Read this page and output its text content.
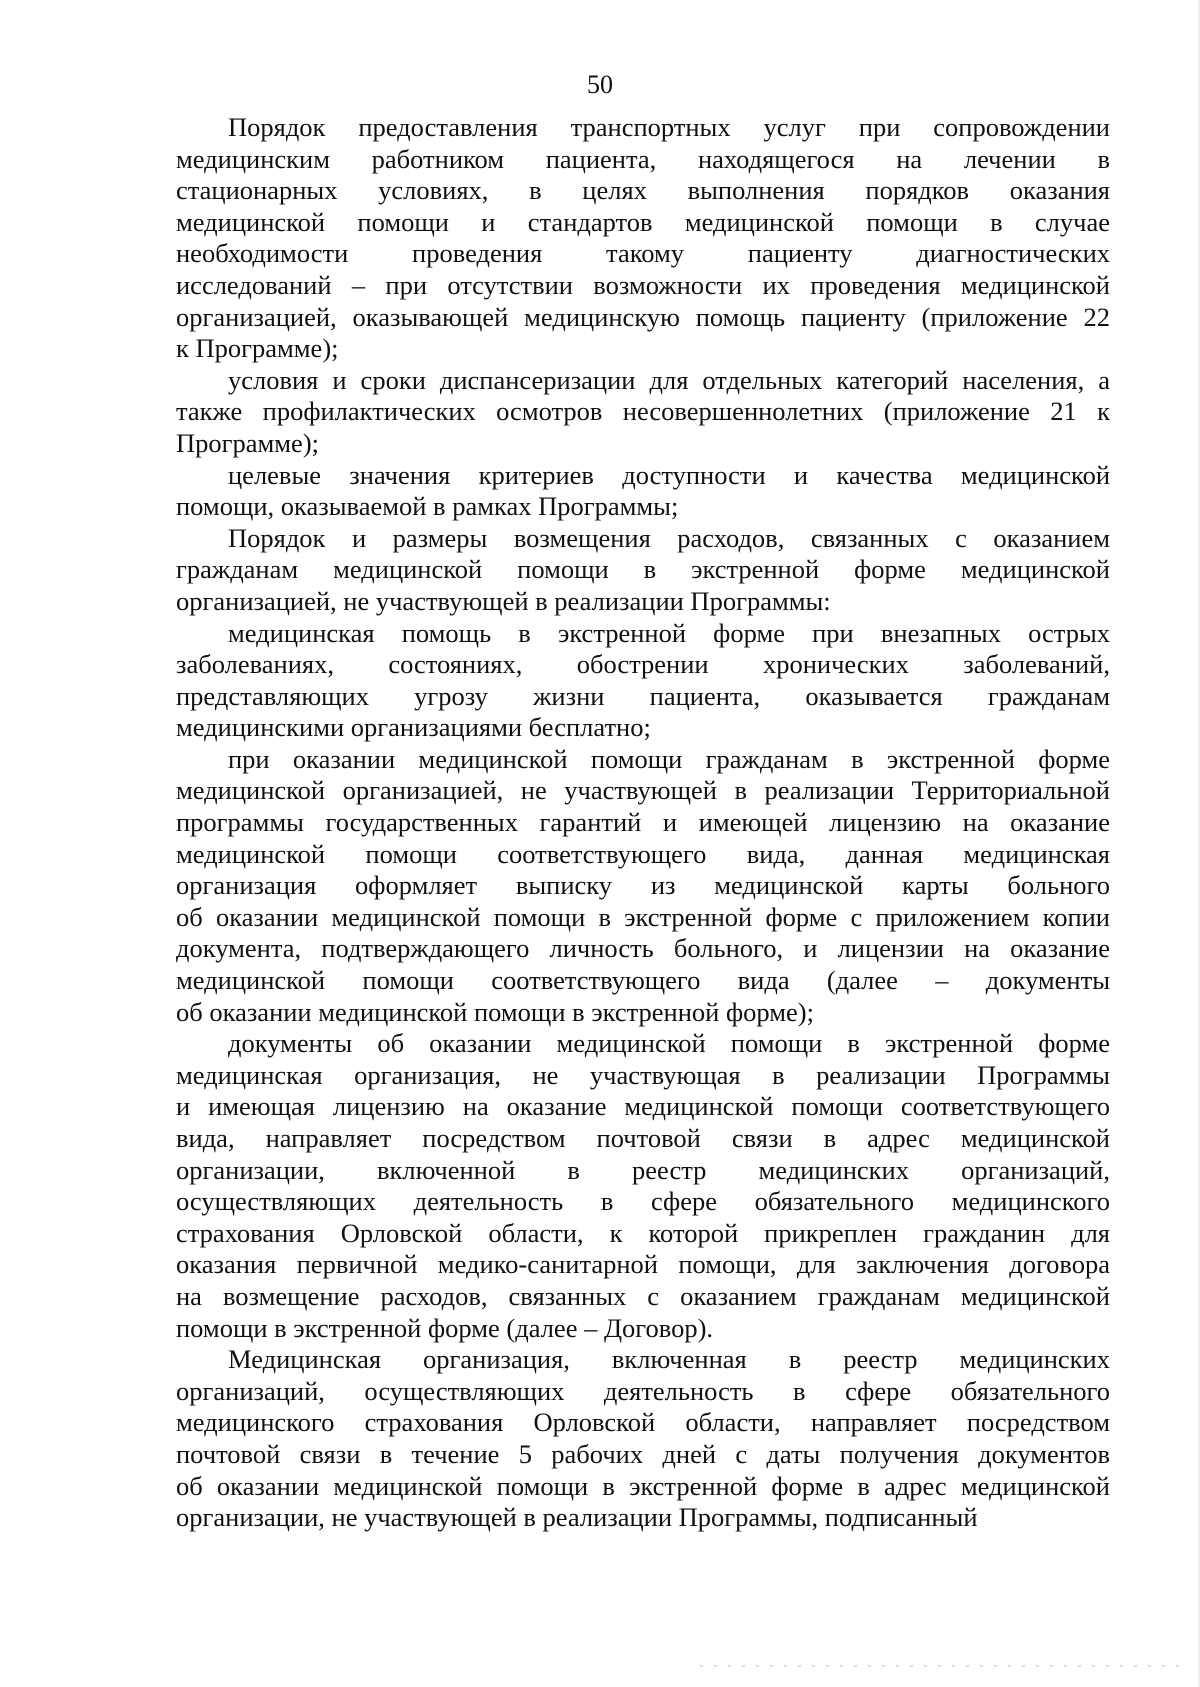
50
Порядок предоставления транспортных услуг при сопровождении
медицинским работником пациента, находящегося на лечении в
стационарных условиях, в целях выполнения порядков оказания
медицинской помощи и стандартов медицинской помощи в случае
необходимости проведения такому пациенту диагностических
исследований – при отсутствии возможности их проведения медицинской
организацией, оказывающей медицинскую помощь пациенту (приложение 22
к Программе);
условия и сроки диспансеризации для отдельных категорий населения, а
также профилактических осмотров несовершеннолетних (приложение 21 к
Программе);
целевые значения критериев доступности и качества медицинской
помощи, оказываемой в рамках Программы;
Порядок и размеры возмещения расходов, связанных с оказанием
гражданам медицинской помощи в экстренной форме медицинской
организацией, не участвующей в реализации Программы:
медицинская помощь в экстренной форме при внезапных острых
заболеваниях, состояниях, обострении хронических заболеваний,
представляющих угрозу жизни пациента, оказывается гражданам
медицинскими организациями бесплатно;
при оказании медицинской помощи гражданам в экстренной форме
медицинской организацией, не участвующей в реализации Территориальной
программы государственных гарантий и имеющей лицензию на оказание
медицинской помощи соответствующего вида, данная медицинская
организация оформляет выписку из медицинской карты больного
об оказании медицинской помощи в экстренной форме с приложением копии
документа, подтверждающего личность больного, и лицензии на оказание
медицинской помощи соответствующего вида (далее – документы
об оказании медицинской помощи в экстренной форме);
документы об оказании медицинской помощи в экстренной форме
медицинская организация, не участвующая в реализации Программы
и имеющая лицензию на оказание медицинской помощи соответствующего
вида, направляет посредством почтовой связи в адрес медицинской
организации, включенной в реестр медицинских организаций,
осуществляющих деятельность в сфере обязательного медицинского
страхования Орловской области, к которой прикреплен гражданин для
оказания первичной медико-санитарной помощи, для заключения договора
на возмещение расходов, связанных с оказанием гражданам медицинской
помощи в экстренной форме (далее – Договор).
Медицинская организация, включенная в реестр медицинских
организаций, осуществляющих деятельность в сфере обязательного
медицинского страхования Орловской области, направляет посредством
почтовой связи в течение 5 рабочих дней с даты получения документов
об оказании медицинской помощи в экстренной форме в адрес медицинской
организации, не участвующей в реализации Программы, подписанный
